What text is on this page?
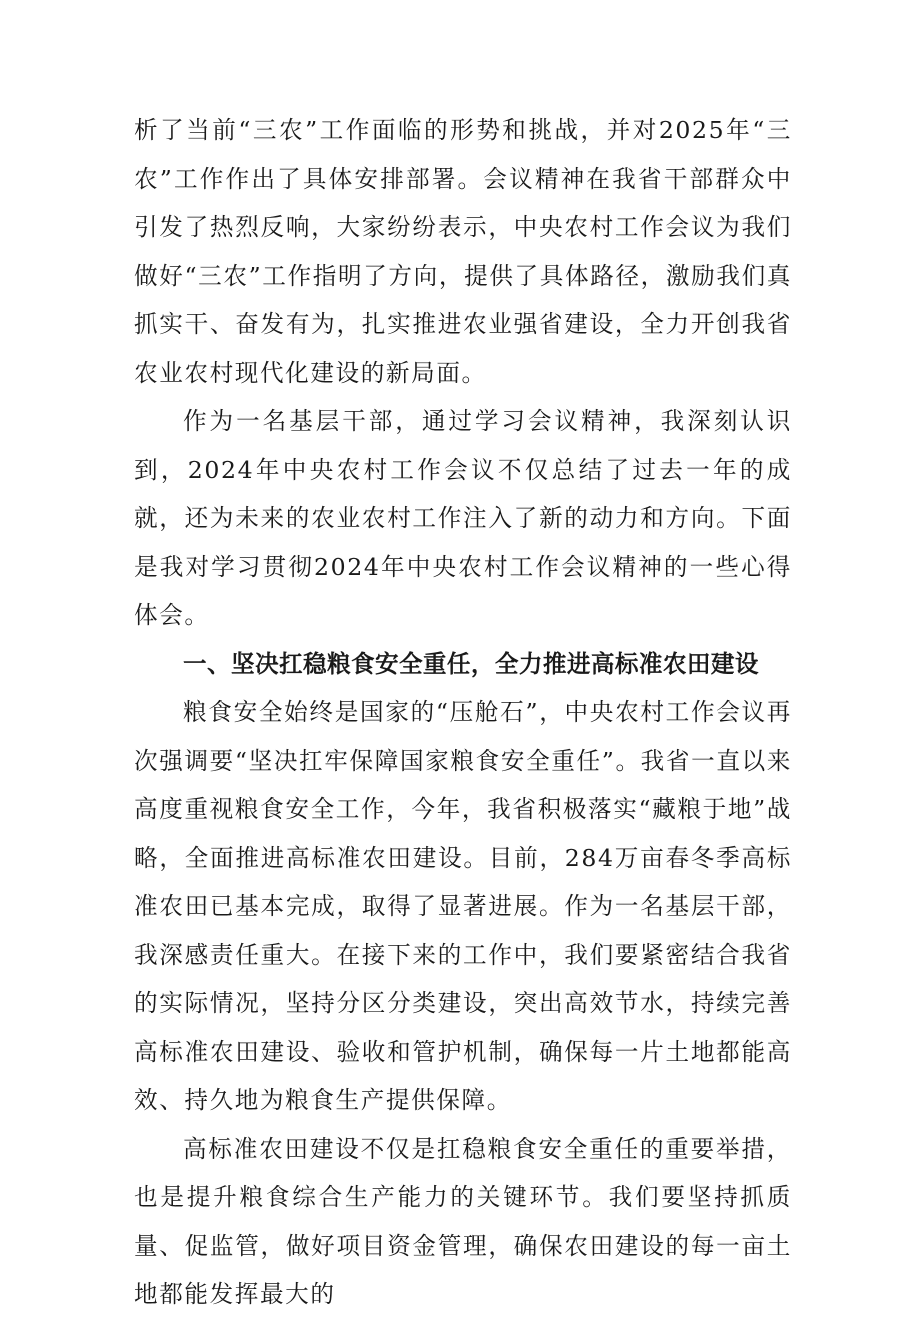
析了当前“三农”工作面临的形势和挑战，并对2025年“三农”工作作出了具体安排部署。会议精神在我省干部群众中引发了热烈反响，大家纷纷表示，中央农村工作会议为我们做好“三农”工作指明了方向，提供了具体路径，激励我们真抓实干、奋发有为，扎实推进农业强省建设，全力开创我省农业农村现代化建设的新局面。

作为一名基层干部，通过学习会议精神，我深刻认识到，2024年中央农村工作会议不仅总结了过去一年的成就，还为未来的农业农村工作注入了新的动力和方向。下面是我对学习贯彻2024年中央农村工作会议精神的一些心得体会。

一、坚决扛稳粮食安全重任，全力推进高标准农田建设

粮食安全始终是国家的“压舱石”，中央农村工作会议再次强调要“坚决扛牢保障国家粮食安全重任”。我省一直以来高度重视粮食安全工作，今年，我省积极落实“藏粮于地”战略，全面推进高标准农田建设。目前，284万亩春冬季高标准农田已基本完成，取得了显著进展。作为一名基层干部，我深感责任重大。在接下来的工作中，我们要紧密结合我省的实际情况，坚持分区分类建设，突出高效节水，持续完善高标准农田建设、验收和管护机制，确保每一片土地都能高效、持久地为粮食生产提供保障。

高标准农田建设不仅是扛稳粮食安全重任的重要举措，也是提升粮食综合生产能力的关键环节。我们要坚持抓质量、促监管，做好项目资金管理，确保农田建设的每一亩土地都能发挥最大的
